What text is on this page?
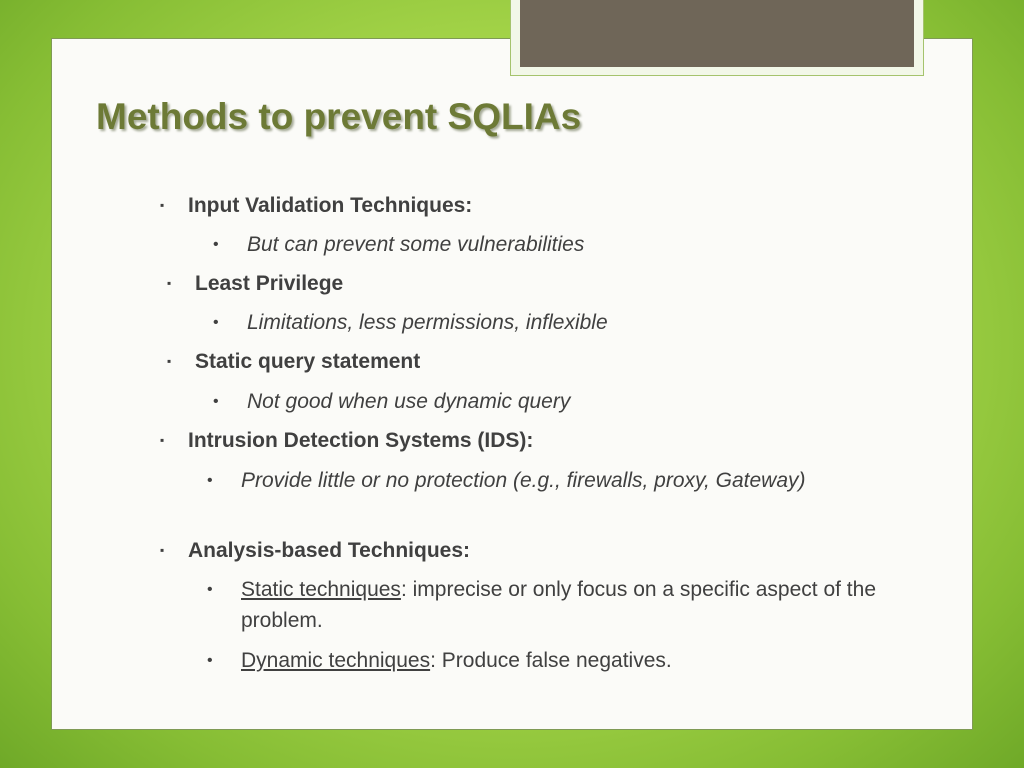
Methods to prevent SQLIAs
▪	Input Validation Techniques:
•	But can prevent some vulnerabilities
▪	Least Privilege
•	Limitations, less permissions, inflexible
▪	Static query statement
•	Not good when use dynamic query
▪	Intrusion Detection Systems (IDS):
•	Provide little or no protection (e.g., firewalls, proxy, Gateway)
▪	Analysis-based Techniques:
•	Static techniques: imprecise or only focus on a specific aspect of the problem.
•	Dynamic techniques: Produce false negatives.
